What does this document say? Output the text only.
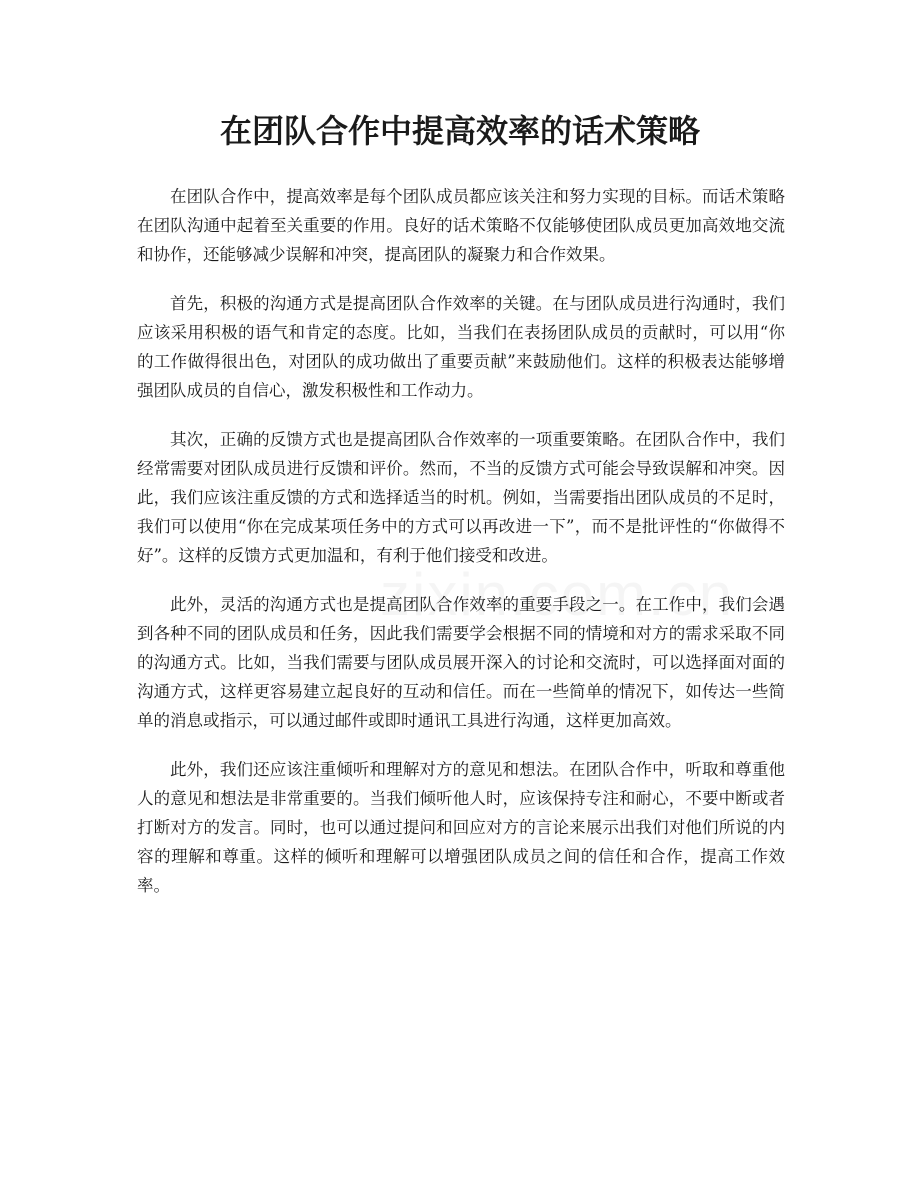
在团队合作中提高效率的话术策略

在团队合作中，提高效率是每个团队成员都应该关注和努力实现的目标。而话术策略在团队沟通中起着至关重要的作用。良好的话术策略不仅能够使团队成员更加高效地交流和协作，还能够减少误解和冲突，提高团队的凝聚力和合作效果。

首先，积极的沟通方式是提高团队合作效率的关键。在与团队成员进行沟通时，我们应该采用积极的语气和肯定的态度。比如，当我们在表扬团队成员的贡献时，可以用“你的工作做得很出色，对团队的成功做出了重要贡献”来鼓励他们。这样的积极表达能够增强团队成员的自信心，激发积极性和工作动力。

其次，正确的反馈方式也是提高团队合作效率的一项重要策略。在团队合作中，我们经常需要对团队成员进行反馈和评价。然而，不当的反馈方式可能会导致误解和冲突。因此，我们应该注重反馈的方式和选择适当的时机。例如，当需要指出团队成员的不足时，我们可以使用“你在完成某项任务中的方式可以再改进一下”，而不是批评性的“你做得不好”。这样的反馈方式更加温和，有利于他们接受和改进。

此外，灵活的沟通方式也是提高团队合作效率的重要手段之一。在工作中，我们会遇到各种不同的团队成员和任务，因此我们需要学会根据不同的情境和对方的需求采取不同的沟通方式。比如，当我们需要与团队成员展开深入的讨论和交流时，可以选择面对面的沟通方式，这样更容易建立起良好的互动和信任。而在一些简单的情况下，如传达一些简单的消息或指示，可以通过邮件或即时通讯工具进行沟通，这样更加高效。

此外，我们还应该注重倾听和理解对方的意见和想法。在团队合作中，听取和尊重他人的意见和想法是非常重要的。当我们倾听他人时，应该保持专注和耐心，不要中断或者打断对方的发言。同时，也可以通过提问和回应对方的言论来展示出我们对他们所说的内容的理解和尊重。这样的倾听和理解可以增强团队成员之间的信任和合作，提高工作效率。
